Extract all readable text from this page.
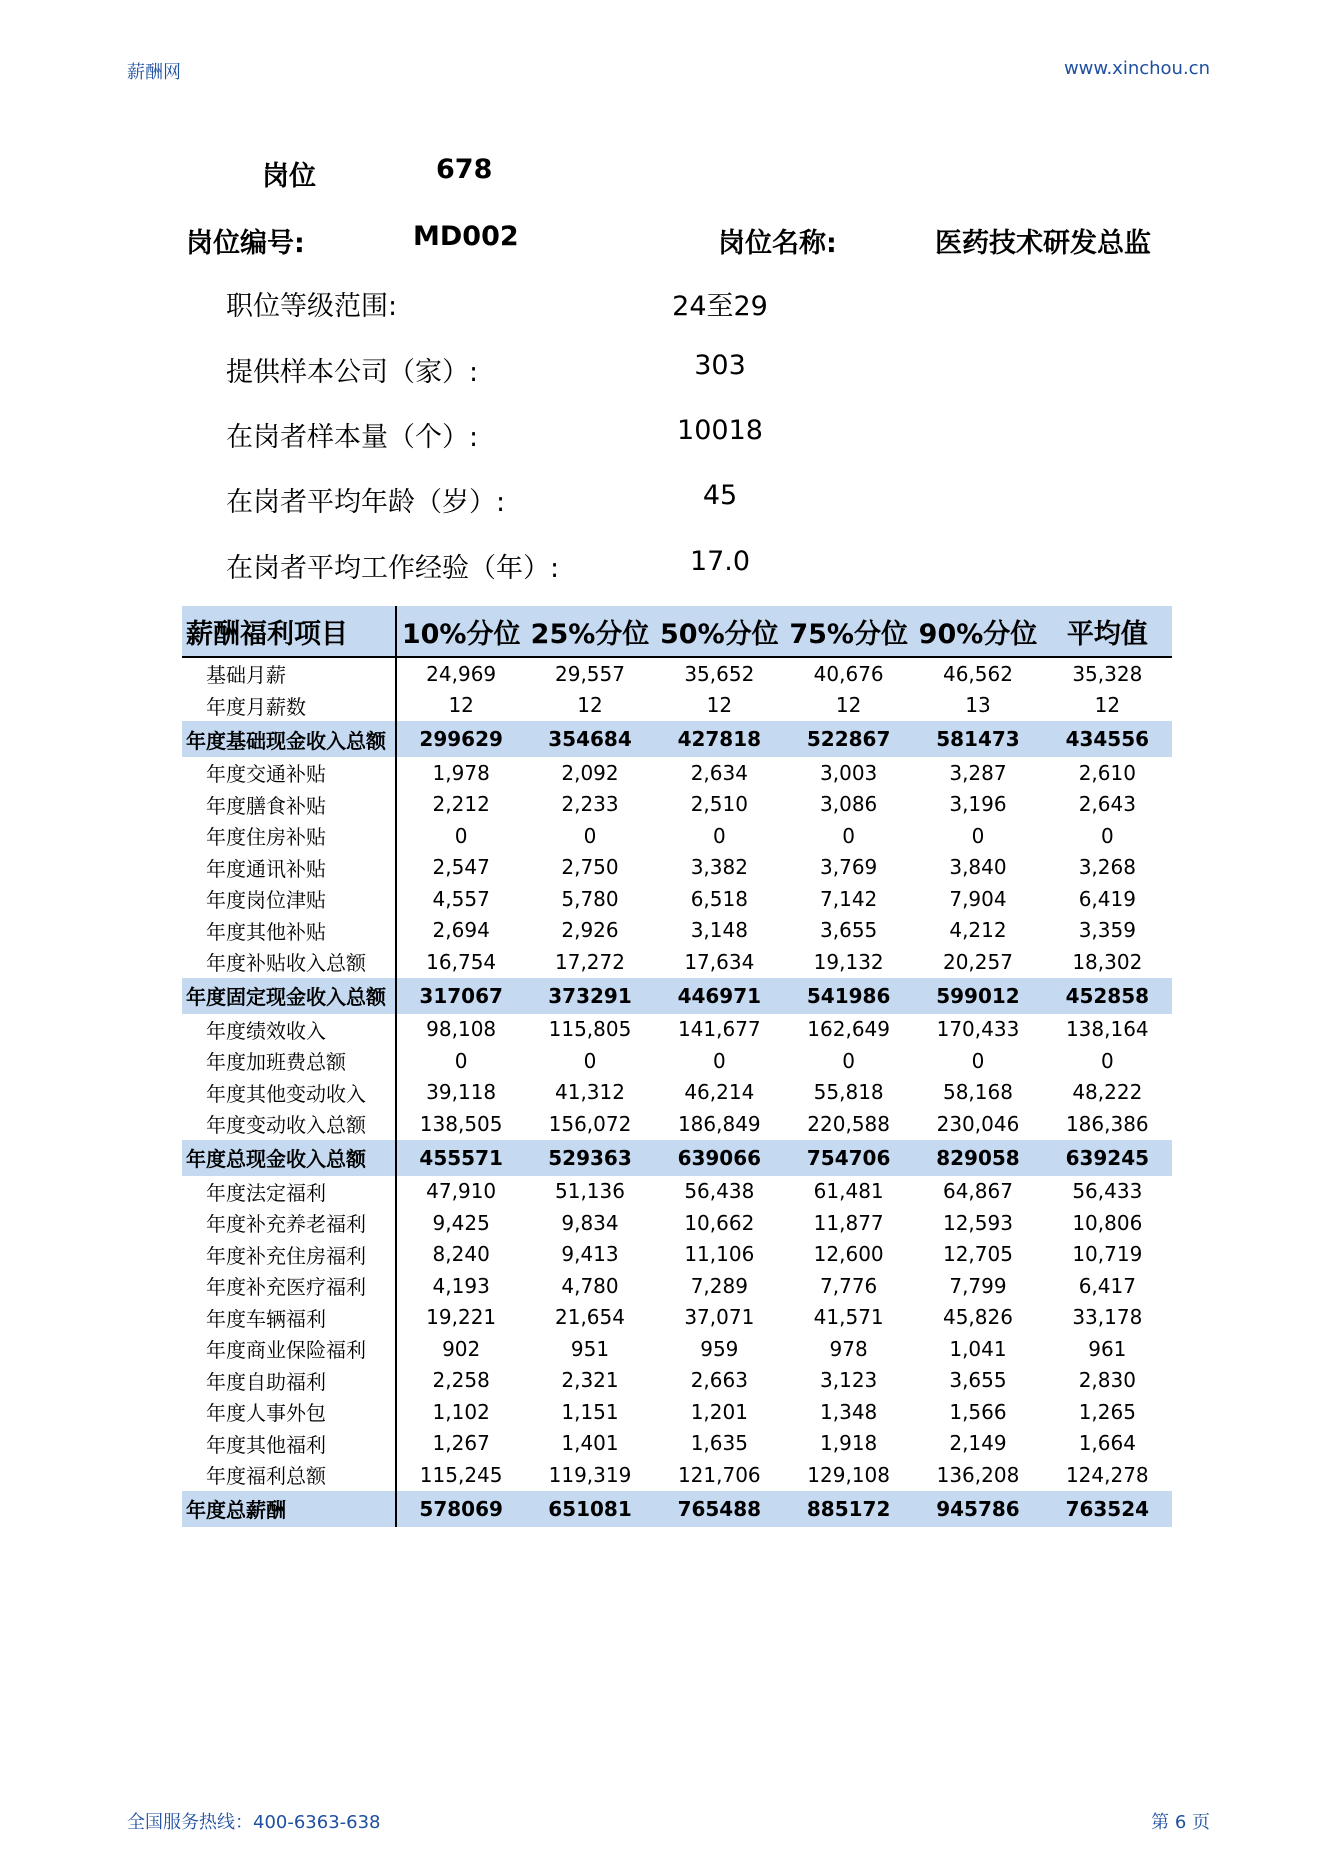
薪酬网	www.xinchou.cn
岗位	678
岗位编号:	MD002	岗位名称:	医药技术研发总监
职位等级范围:	24至29
提供样本公司（家）:	303
在岗者样本量（个）:	10018
在岗者平均年龄（岁）:	45
在岗者平均工作经验（年）:	17.0
薪酬福利项目	10%分位	25%分位	50%分位	75%分位	90%分位	平均值
基础月薪	24,969	29,557	35,652	40,676	46,562	35,328
年度月薪数	12	12	12	12	13	12
年度基础现金收入总额	299629	354684	427818	522867	581473	434556
年度交通补贴	1,978	2,092	2,634	3,003	3,287	2,610
年度膳食补贴	2,212	2,233	2,510	3,086	3,196	2,643
年度住房补贴	0	0	0	0	0	0
年度通讯补贴	2,547	2,750	3,382	3,769	3,840	3,268
年度岗位津贴	4,557	5,780	6,518	7,142	7,904	6,419
年度其他补贴	2,694	2,926	3,148	3,655	4,212	3,359
年度补贴收入总额	16,754	17,272	17,634	19,132	20,257	18,302
年度固定现金收入总额	317067	373291	446971	541986	599012	452858
年度绩效收入	98,108	115,805	141,677	162,649	170,433	138,164
年度加班费总额	0	0	0	0	0	0
年度其他变动收入	39,118	41,312	46,214	55,818	58,168	48,222
年度变动收入总额	138,505	156,072	186,849	220,588	230,046	186,386
年度总现金收入总额	455571	529363	639066	754706	829058	639245
年度法定福利	47,910	51,136	56,438	61,481	64,867	56,433
年度补充养老福利	9,425	9,834	10,662	11,877	12,593	10,806
年度补充住房福利	8,240	9,413	11,106	12,600	12,705	10,719
年度补充医疗福利	4,193	4,780	7,289	7,776	7,799	6,417
年度车辆福利	19,221	21,654	37,071	41,571	45,826	33,178
年度商业保险福利	902	951	959	978	1,041	961
年度自助福利	2,258	2,321	2,663	3,123	3,655	2,830
年度人事外包	1,102	1,151	1,201	1,348	1,566	1,265
年度其他福利	1,267	1,401	1,635	1,918	2,149	1,664
年度福利总额	115,245	119,319	121,706	129,108	136,208	124,278
年度总薪酬	578069	651081	765488	885172	945786	763524
全国服务热线：400-6363-638	第 6 页
